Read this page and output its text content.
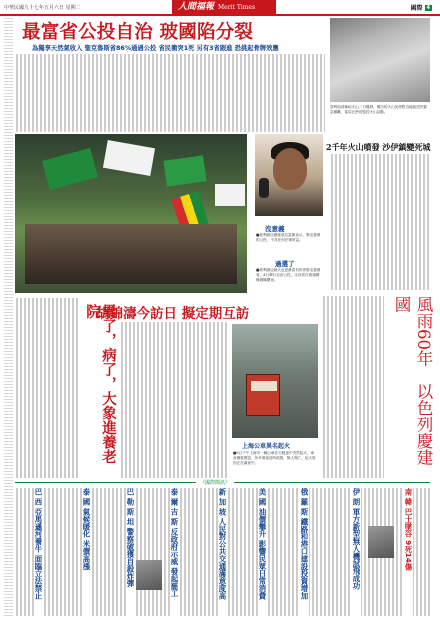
中華民國九十七年五月六日 星期二	人間福報 Merit Times	國際 4
最富省公投自治 玻國陷分裂
為獨享天然氣收入 聖克魯斯省86%通過公投 省民衝突1死 另有3省跟進 恐挑起骨牌效應
沒意義
■玻利維亞總統莫拉雷斯表示，聖克魯斯的公投，不具任何法律效益。
過選了
■玻利維亞最大也是最富有的省聖克魯斯省，4日舉行自治公投，支持者在街頭揮舞旗幟慶祝。
智利南部柴坦火山二日爆發，噴出的火山灰使附近地區居民緊急撤離，當局正密切監控火山活動。
2千年火山噴發 沙伊鎮變死城
胡錦濤今訪日 擬定期互訪
累了，病了，大象進養老院
上海公車異名起火
■5日下午上海市一輛公車在行駛途中突然起火，車身嚴重燒毀，所幸乘客及時疏散，無人傷亡，起火原因正在調查中。	風雨60年　以色列慶建國
《國際簡訊》
巴 西 亞馬遜河養牛 面臨立法禁止
泰 國 氣候暖化 米價高漲
巴 勒 斯 坦 警察破獲自殺炸彈
泰 爾 吉 斯 反政府示威 發起罷工
新 加 坡 人民對公共交通滿意度高
美 國 油價攀升 影響民眾日常消費
俄 羅 斯 鐵路和港口建設投資增加
伊 朗 軍方新型無人機試飛成功
南 韓 巴士墜谷 9死14傷
